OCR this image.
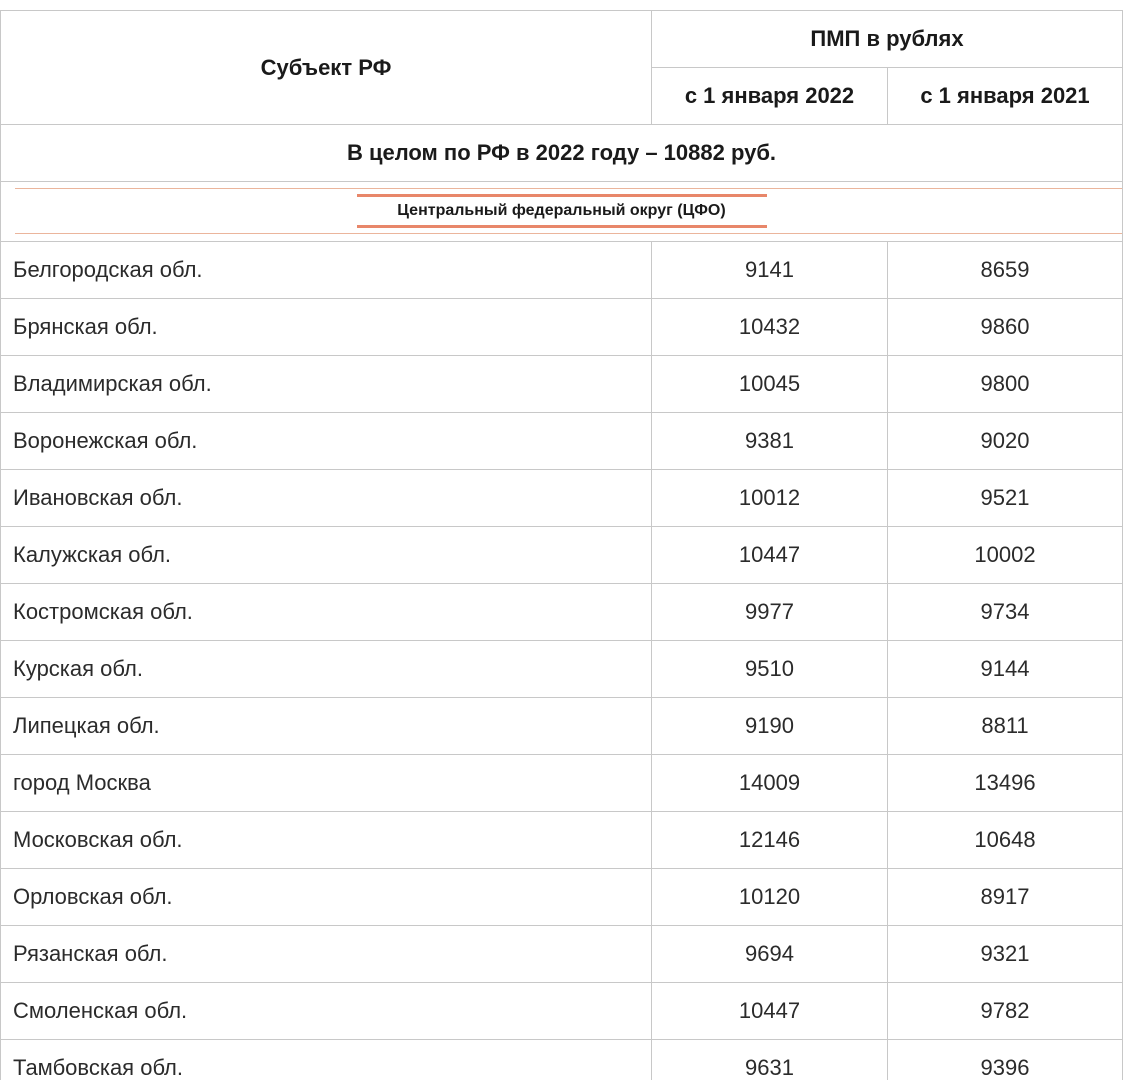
Субъект РФ	ПМП в рублях	
	с 1 января 2022	с 1 января 2021
В целом по РФ в 2022 году – 10882 руб.		

Центральный федеральный округ (ЦФО)		

Белгородская обл.	9141	8659
Брянская обл.	10432	9860
Владимирская обл.	10045	9800
Воронежская обл.	9381	9020
Ивановская обл.	10012	9521
Калужская обл.	10447	10002
Костромская обл.	9977	9734
Курская обл.	9510	9144
Липецкая обл.	9190	8811
город Москва	14009	13496
Московская обл.	12146	10648
Орловская обл.	10120	8917
Рязанская обл.	9694	9321
Смоленская обл.	10447	9782
Тамбовская обл.	9631	9396
